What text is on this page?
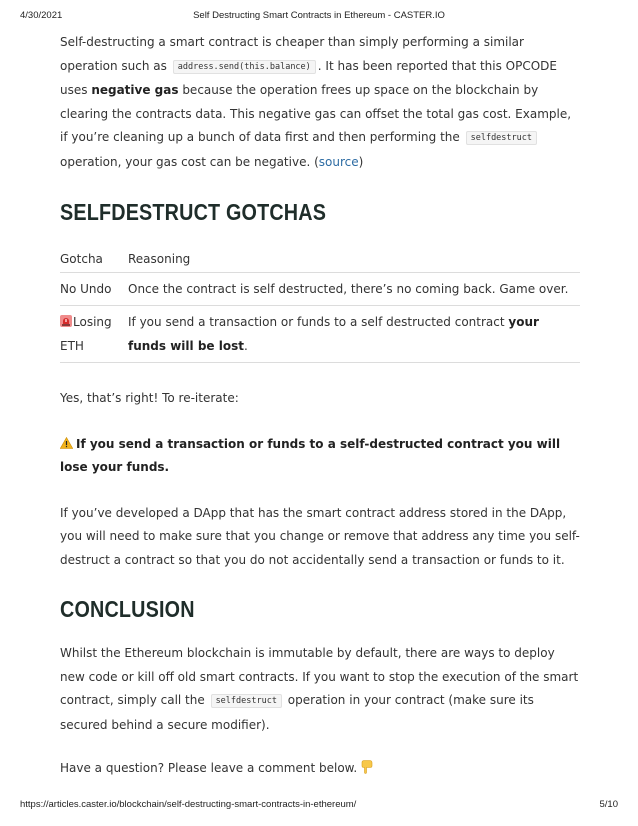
4/30/2021	Self Destructing Smart Contracts in Ethereum - CASTER.IO

Self-destructing a smart contract is cheaper than simply performing a similar operation such as address.send(this.balance) . It has been reported that this OPCODE uses negative gas because the operation frees up space on the blockchain by clearing the contracts data. This negative gas can offset the total gas cost. Example, if you’re cleaning up a bunch of data first and then performing the selfdestruct operation, your gas cost can be negative. (source)

SELFDESTRUCT GOTCHAS
Gotcha	Reasoning
No Undo	Once the contract is self destructed, there’s no coming back. Game over.
Losing ETH	If you send a transaction or funds to a self destructed contract your funds will be lost.

Yes, that’s right! To re-iterate:

If you send a transaction or funds to a self-destructed contract you will lose your funds.

If you’ve developed a DApp that has the smart contract address stored in the DApp, you will need to make sure that you change or remove that address any time you self-destruct a contract so that you do not accidentally send a transaction or funds to it.

CONCLUSION

Whilst the Ethereum blockchain is immutable by default, there are ways to deploy new code or kill off old smart contracts. If you want to stop the execution of the smart contract, simply call the selfdestruct operation in your contract (make sure its secured behind a secure modifier).

Have a question? Please leave a comment below.

https://articles.caster.io/blockchain/self-destructing-smart-contracts-in-ethereum/	5/10
